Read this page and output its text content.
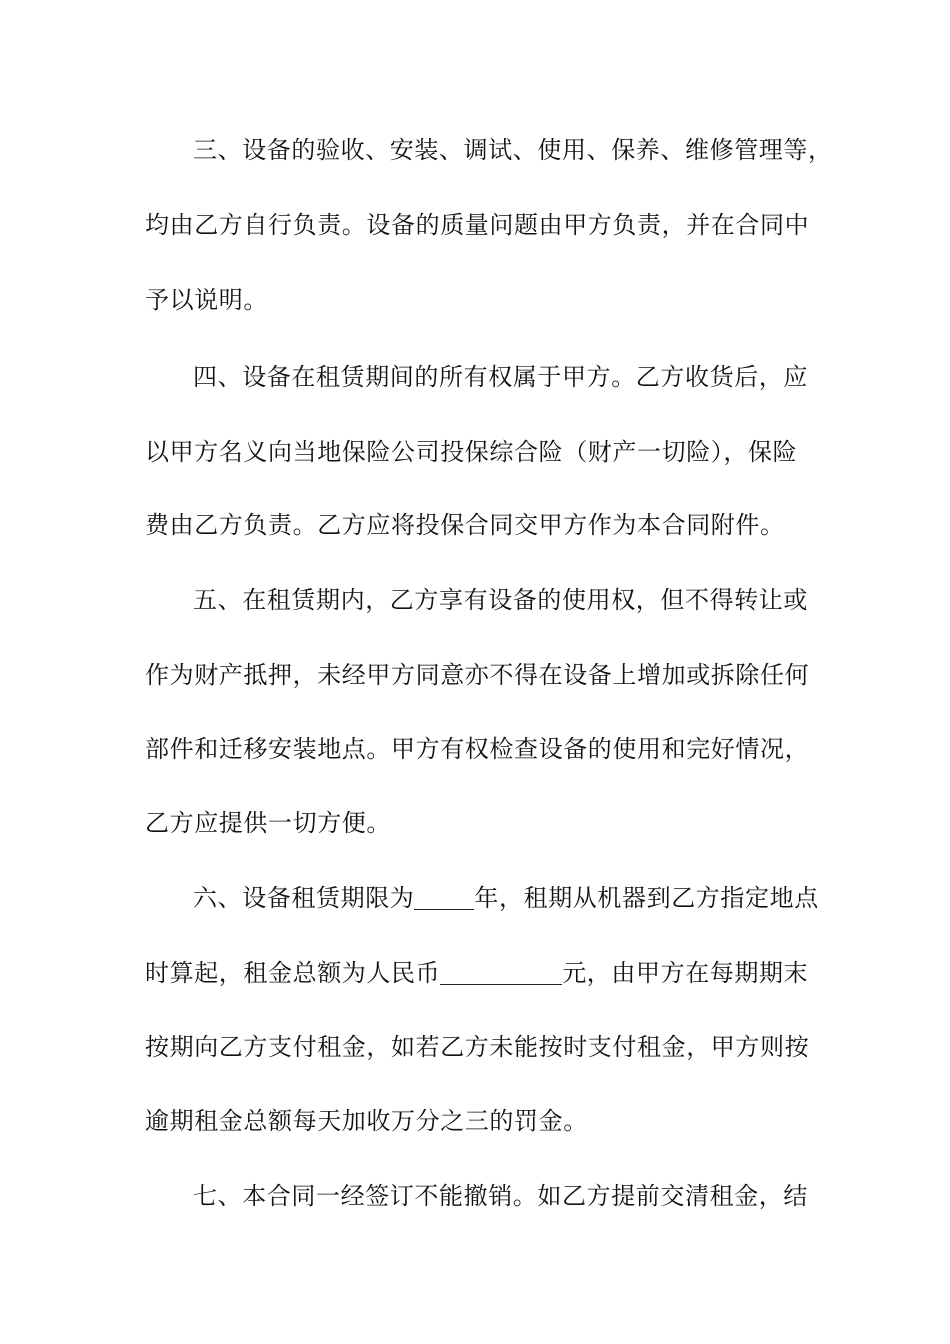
三、设备的验收、安装、调试、使用、保养、维修管理等，
均由乙方自行负责。设备的质量问题由甲方负责，并在合同中
予以说明。
四、设备在租赁期间的所有权属于甲方。乙方收货后，应
以甲方名义向当地保险公司投保综合险（财产一切险），保险
费由乙方负责。乙方应将投保合同交甲方作为本合同附件。
五、在租赁期内，乙方享有设备的使用权，但不得转让或
作为财产抵押，未经甲方同意亦不得在设备上增加或拆除任何
部件和迁移安装地点。甲方有权检查设备的使用和完好情况，
乙方应提供一切方便。
六、设备租赁期限为	年，租期从机器到乙方指定地点
时算起，租金总额为人民币	元，由甲方在每期期末
按期向乙方支付租金，如若乙方未能按时支付租金，甲方则按
逾期租金总额每天加收万分之三的罚金。
七、本合同一经签订不能撤销。如乙方提前交清租金，结
